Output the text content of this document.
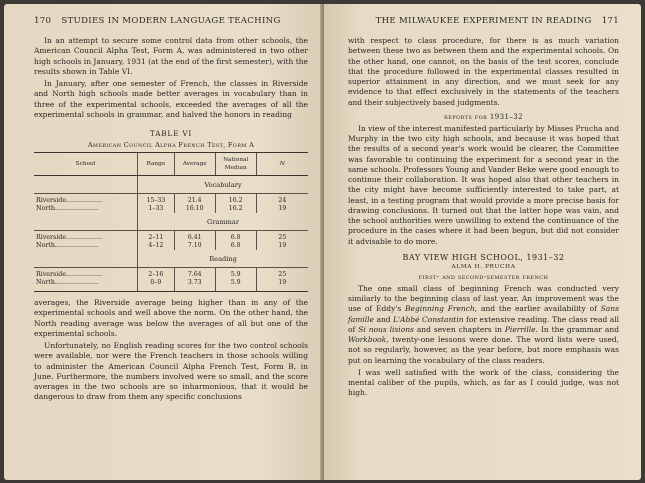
170 STUDIES IN MODERN LANGUAGE TEACHING

In an attempt to secure some control data from other schools, the American Council Alpha Test, Form A, was administered in two other high schools in January, 1931 (at the end of the first semester), with the results shown in Table VI.

In January, after one semester of French, the classes in Riverside and North high schools made better averages in vocabulary than in three of the experimental schools, exceeded the averages of all the experimental schools in grammar, and halved the honors in reading

TABLE VI
American Council Alpha French Test, Form A
School	Range	Average	National Median	N
	Vocabulary			
Riverside..................	15–33	21.4	16.2	24
North......................	1–33	16.10	16.2	19
	Grammar			
Riverside..................	2–11	6.41	6.8	25
North......................	4–12	7.10	6.8	19
	Reading			
Riverside..................	2–16	7.64	5.9	25
North......................	0–9	3.73	5.9	19

averages, the Riverside average being higher than in any of the experimental schools and well above the norm. On the other hand, the North reading average was below the averages of all but one of the experimental schools.

Unfortunately, no English reading scores for the two control schools were available, nor were the French teachers in those schools willing to administer the American Council Alpha French Test, Form B, in June. Furthermore, the numbers involved were so small, and the score averages in the two schools are so inharmonious, that it would be dangerous to draw from them any specific conclusions

THE MILWAUKEE EXPERIMENT IN READING 171

with respect to class procedure, for there is as much variation between these two as between them and the experimental schools. On the other hand, one cannot, on the basis of the test scores, conclude that the procedure followed in the experimental classes resulted in superior attainment in any direction, and we must seek for any evidence to that effect exclusively in the statements of the teachers and their subjectively based judgments.

reports for 1931–32

In view of the interest manifested particularly by Misses Prucha and Murphy in the two city high schools, and because it was hoped that the results of a second year's work would be clearer, the Committee was favorable to continuing the experiment for a second year in the same schools. Professors Young and Vander Beke were good enough to continue their collaboration. It was hoped also that other teachers in the city might have become sufficiently interested to take part, at least, in a testing program that would provide a more precise basis for drawing conclusions. It turned out that the latter hope was vain, and the school authorities were unwilling to extend the continuance of the procedure in the cases where it had been begun, but did not consider it advisable to do more.

BAY VIEW HIGH SCHOOL, 1931–32
ALMA H. PRUCHA
first- and second-semester french

The one small class of beginning French was conducted very similarly to the beginning class of last year. An improvement was the use of Eddy's Beginning French, and the earlier availability of Sans famille and L'Abbé Constantin for extensive reading. The class read all of Si nous lisions and seven chapters in Pierrille. In the grammar and Workbook, twenty-one lessons were done. The word lists were used, not so regularly, however, as the year before, but more emphasis was put on learning the vocabulary of the class readers.

I was well satisfied with the work of the class, considering the mental caliber of the pupils, which, as far as I could judge, was not high.
